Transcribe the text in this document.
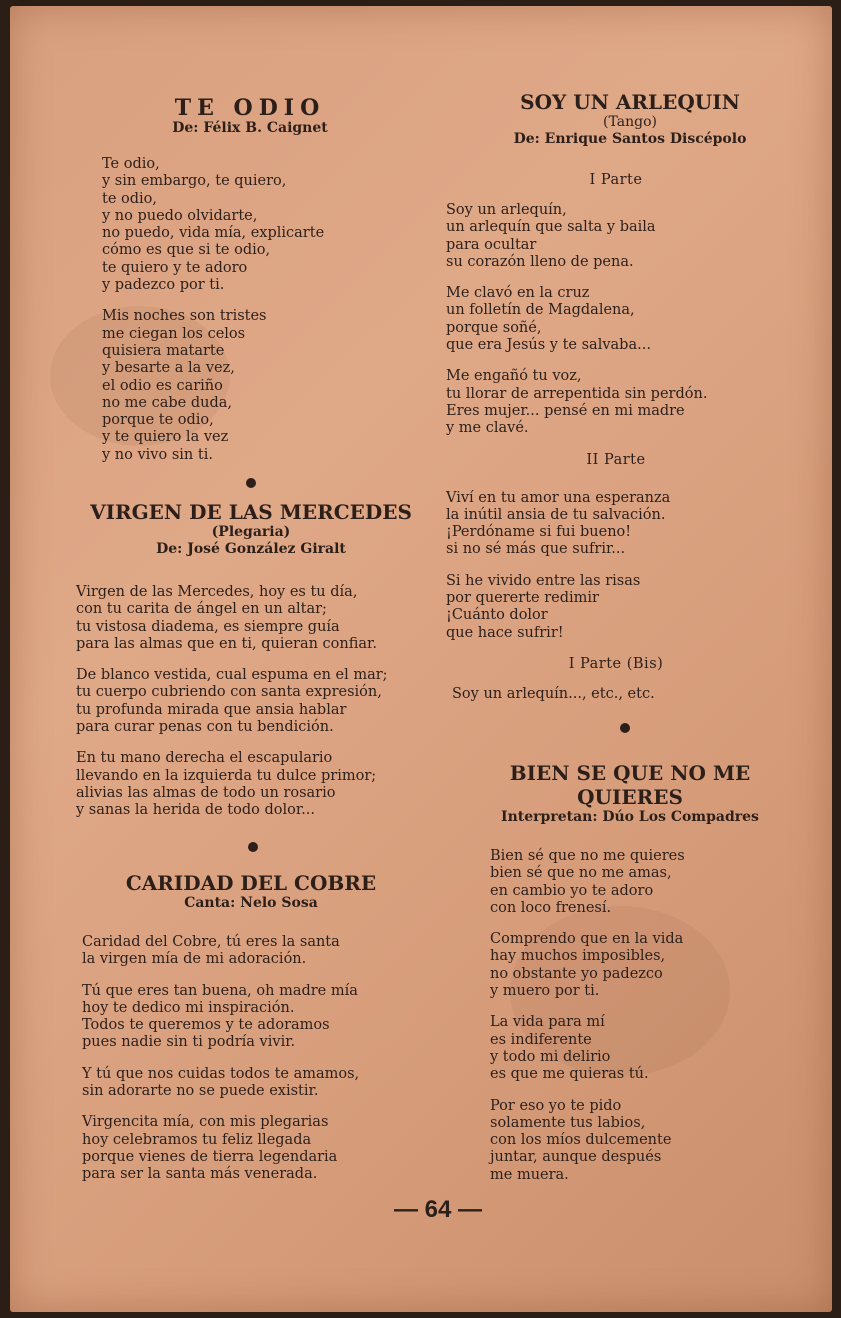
TE ODIO

De: Félix B. Caignet

Te odio,
y sin embargo, te quiero,
te odio,
y no puedo olvidarte,
no puedo, vida mía, explicarte
cómo es que si te odio,
te quiero y te adoro
y padezco por ti.
Mis noches son tristes
me ciegan los celos
quisiera matarte
y besarte a la vez,
el odio es cariño
no me cabe duda,
porque te odio,
y te quiero la vez
y no vivo sin ti.
VIRGEN DE LAS MERCEDES

(Plegaria)

De: José González Giralt

Virgen de las Mercedes, hoy es tu día,
con tu carita de ángel en un altar;
tu vistosa diadema, es siempre guía
para las almas que en ti, quieran confiar.
De blanco vestida, cual espuma en el mar;
tu cuerpo cubriendo con santa expresión,
tu profunda mirada que ansia hablar
para curar penas con tu bendición.
En tu mano derecha el escapulario
llevando en la izquierda tu dulce primor;
alivias las almas de todo un rosario
y sanas la herida de todo dolor...
CARIDAD DEL COBRE

Canta: Nelo Sosa

Caridad del Cobre, tú eres la santa
la virgen mía de mi adoración.
Tú que eres tan buena, oh madre mía
hoy te dedico mi inspiración.
Todos te queremos y te adoramos
pues nadie sin ti podría vivir.
Y tú que nos cuidas todos te amamos,
sin adorarte no se puede existir.
Virgencita mía, con mis plegarias
hoy celebramos tu feliz llegada
porque vienes de tierra legendaria
para ser la santa más venerada.
SOY UN ARLEQUIN

(Tango)

De: Enrique Santos Discépolo

I Parte

Soy un arlequín,
un arlequín que salta y baila
para ocultar
su corazón lleno de pena.
Me clavó en la cruz
un folletín de Magdalena,
porque soñé,
que era Jesús y te salvaba...
Me engañó tu voz,
tu llorar de arrepentida sin perdón.
Eres mujer... pensé en mi madre
y me clavé.

II Parte

Viví en tu amor una esperanza
la inútil ansia de tu salvación.
¡Perdóname si fui bueno!
si no sé más que sufrir...
Si he vivido entre las risas
por quererte redimir
¡Cuánto dolor
que hace sufrir!

I Parte (Bis)

Soy un arlequín..., etc., etc.

BIEN SE QUE NO ME
QUIERES

Interpretan: Dúo Los Compadres

Bien sé que no me quieres
bien sé que no me amas,
en cambio yo te adoro
con loco frenesí.
Comprendo que en la vida
hay muchos imposibles,
no obstante yo padezco
y muero por ti.
La vida para mí
es indiferente
y todo mi delirio
es que me quieras tú.
Por eso yo te pido
solamente tus labios,
con los míos dulcemente
juntar, aunque después
me muera.
— 64 —
